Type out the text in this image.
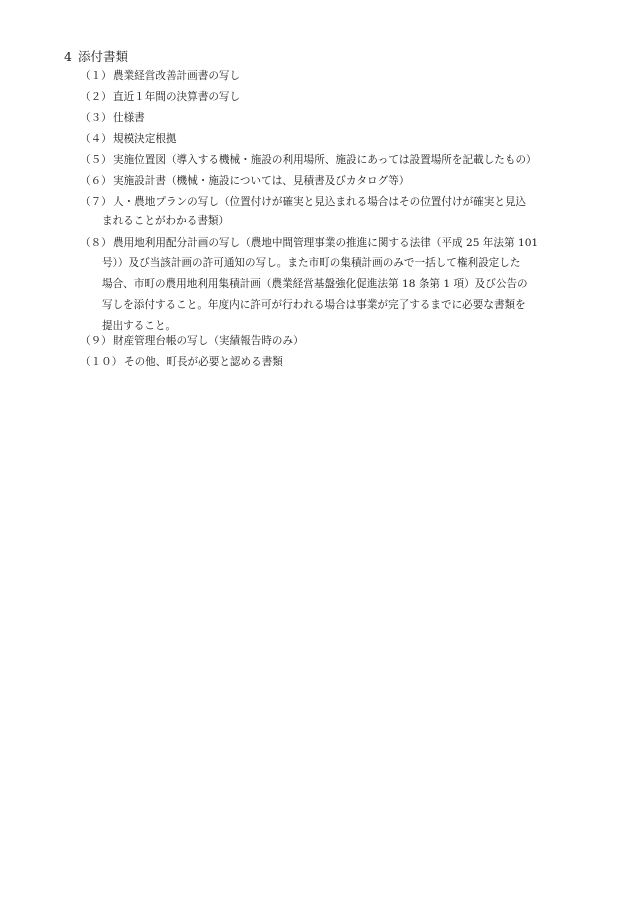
4 添付書類
（１） 農業経営改善計画書の写し
（２） 直近１年間の決算書の写し
（３） 仕様書
（４） 規模決定根拠
（５） 実施位置図（導入する機械・施設の利用場所、施設にあっては設置場所を記載したもの）
（６） 実施設計書（機械・施設については、見積書及びカタログ等）
（７） 人・農地プランの写し（位置付けが確実と見込まれる場合はその位置付けが確実と見込
まれることがわかる書類）
（８） 農用地利用配分計画の写し（農地中間管理事業の推進に関する法律（平成 25 年法第 101
号））及び当該計画の許可通知の写し。また市町の集積計画のみで一括して権利設定した
場合、市町の農用地利用集積計画（農業経営基盤強化促進法第 18 条第 1 項）及び公告の
写しを添付すること。年度内に許可が行われる場合は事業が完了するまでに必要な書類を
提出すること。
（９） 財産管理台帳の写し（実績報告時のみ）
（１０） その他、町長が必要と認める書類
